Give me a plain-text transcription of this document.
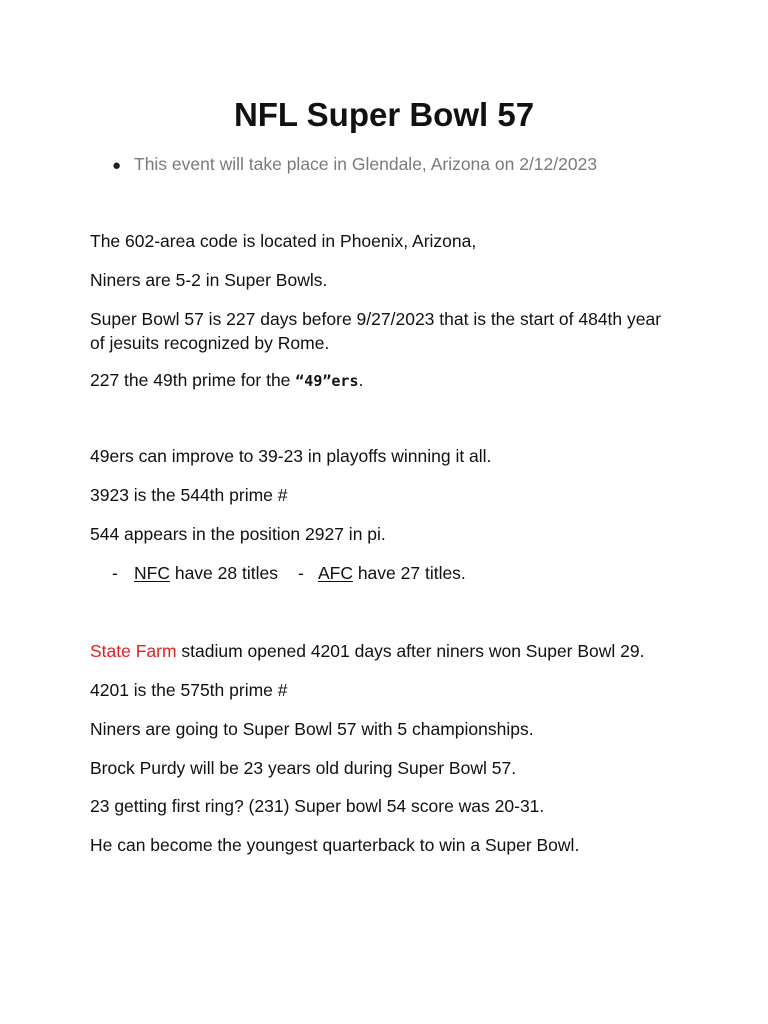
NFL Super Bowl 57
● This event will take place in Glendale, Arizona on 2/12/2023

The 602-area code is located in Phoenix, Arizona,

Niners are 5-2 in Super Bowls.

Super Bowl 57 is 227 days before 9/27/2023 that is the start of 484th year of jesuits recognized by Rome.

227 the 49th prime for the “49”ers.

49ers can improve to 39-23 in playoffs winning it all.

3923 is the 544th prime #

544 appears in the position 2927 in pi.

- NFC have 28 titles - AFC have 27 titles.

State Farm stadium opened 4201 days after niners won Super Bowl 29.

4201 is the 575th prime #

Niners are going to Super Bowl 57 with 5 championships.

Brock Purdy will be 23 years old during Super Bowl 57.

23 getting first ring? (231) Super bowl 54 score was 20-31.

He can become the youngest quarterback to win a Super Bowl.
